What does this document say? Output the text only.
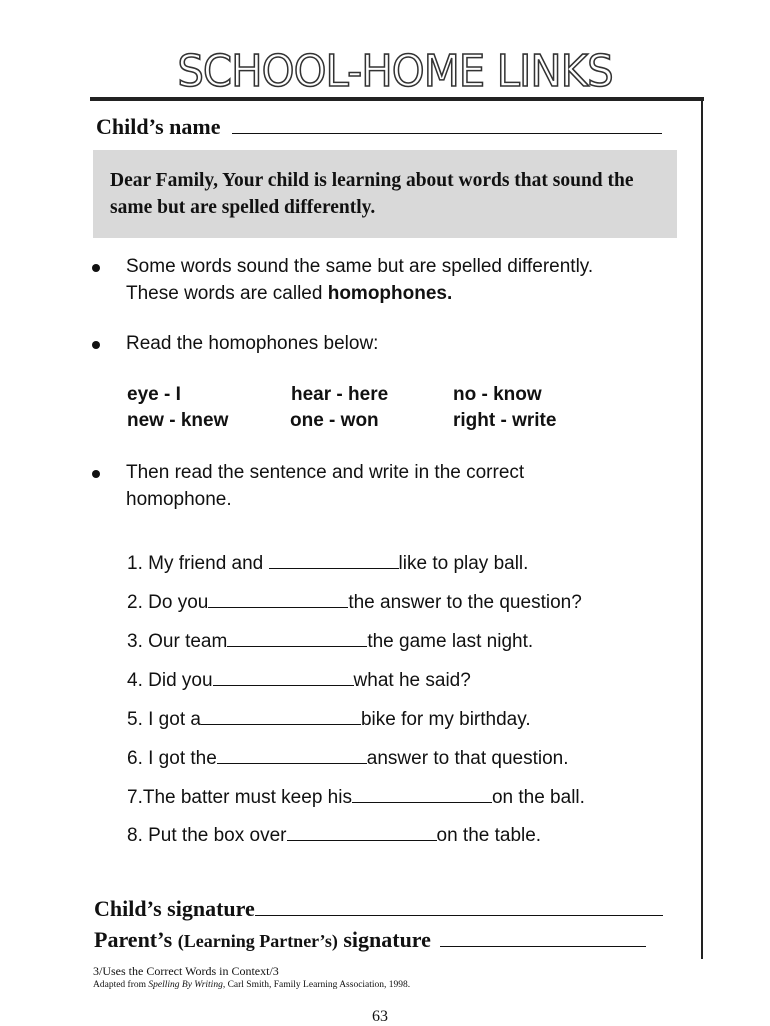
SCHOOL-HOME LINKS
Child’s name
Dear Family, Your child is learning about words that sound the same but are spelled differently.
Some words sound the same but are spelled differently.
These words are called homophones.
Read the homophones below:
eye - I	hear - here	no - know
new - knew	one - won	right - write
Then read the sentence and write in the correct
homophone.
1. My friend and	like to play ball.
2. Do you	the answer to the question?
3. Our team	the game last night.
4. Did you	what he said?
5. I got a	bike for my birthday.
6. I got the	answer to that question.
7.The batter must keep his	on the ball.
8. Put the box over	on the table.
Child’s signature
Parent’s (Learning Partner’s) signature
3/Uses the Correct Words in Context/3
Adapted from Spelling By Writing, Carl Smith, Family Learning Association, 1998.
63
